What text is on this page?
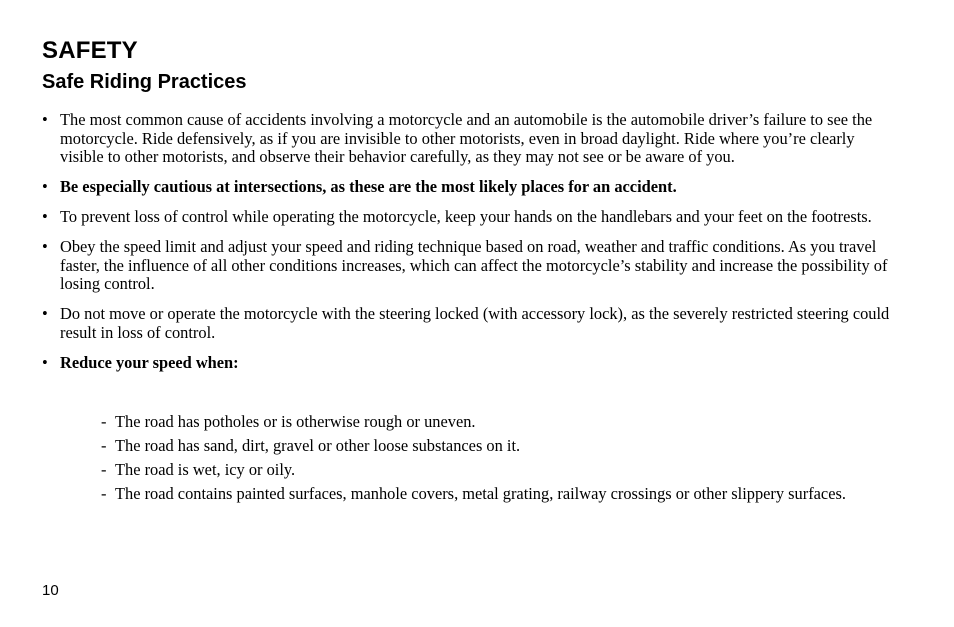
SAFETY
Safe Riding Practices
• The most common cause of accidents involving a motorcycle and an automobile is the automobile driver’s failure to see the motorcycle. Ride defensively, as if you are invisible to other motorists, even in broad daylight. Ride where you’re clearly visible to other motorists, and observe their behavior carefully, as they may not see or be aware of you.
• Be especially cautious at intersections, as these are the most likely places for an accident.
• To prevent loss of control while operating the motorcycle, keep your hands on the handlebars and your feet on the footrests.
• Obey the speed limit and adjust your speed and riding technique based on road, weather and traffic conditions. As you travel faster, the influence of all other conditions increases, which can affect the motorcycle’s stability and increase the possibility of losing control.
• Do not move or operate the motorcycle with the steering locked (with accessory lock), as the severely restricted steering could result in loss of control.
• Reduce your speed when:
- The road has potholes or is otherwise rough or uneven.
- The road has sand, dirt, gravel or other loose substances on it.
- The road is wet, icy or oily.
- The road contains painted surfaces, manhole covers, metal grating, railway crossings or other slippery surfaces.

10
